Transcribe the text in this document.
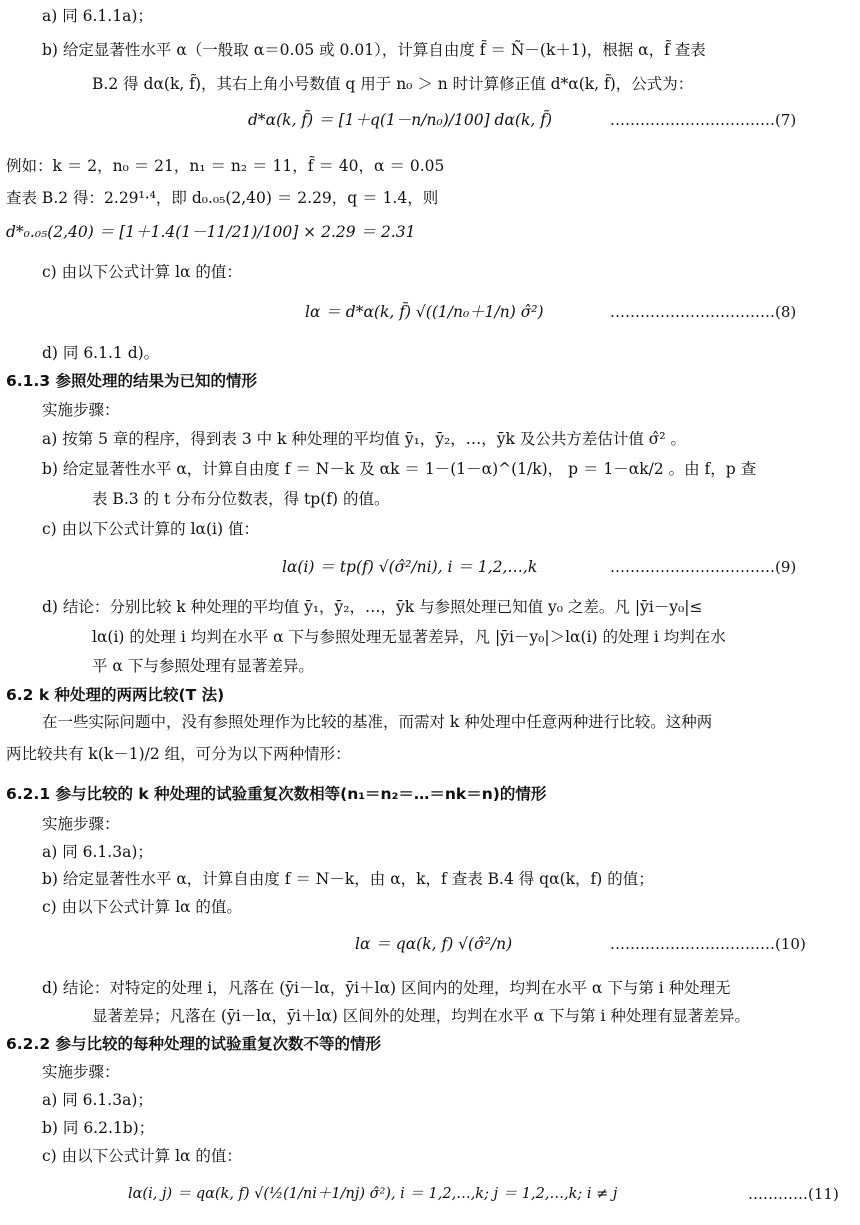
a) 同 6.1.1a)；
b) 给定显著性水平 α（一般取 α＝0.05 或 0.01），计算自由度 f̃ ＝ Ñ－(k＋1)，根据 α，f̃ 查表
B.2 得 dα(k, f̃)，其右上角小号数值 q 用于 n₀ ＞ n 时计算修正值 d*α(k, f̃)，公式为：
d*α(k, f̃) ＝ [1＋q(1－n/n₀)/100] dα(k, f̃)	……………………………(7)
例如：k ＝ 2，n₀ ＝ 21，n₁ ＝ n₂ ＝ 11，f̃ ＝ 40，α ＝ 0.05
查表 B.2 得：2.29¹·⁴，即 d₀.₀₅(2,40) ＝ 2.29，q ＝ 1.4，则
d*₀.₀₅(2,40) ＝ [1＋1.4(1－11/21)/100] × 2.29 ＝ 2.31
c) 由以下公式计算 lα 的值：
lα ＝ d*α(k, f̃) √((1/n₀＋1/n) σ̂²)	……………………………(8)
d) 同 6.1.1 d)。
6.1.3 参照处理的结果为已知的情形
实施步骤：
a) 按第 5 章的程序，得到表 3 中 k 种处理的平均值 ȳ₁，ȳ₂，…，ȳk 及公共方差估计值 σ̂² 。
b) 给定显著性水平 α，计算自由度 f ＝ N－k 及 αk ＝ 1－(1－α)^(1/k)， p ＝ 1－αk/2 。由 f，p 查
表 B.3 的 t 分布分位数表，得 tp(f) 的值。
c) 由以下公式计算的 lα(i) 值：
lα(i) ＝ tp(f) √(σ̂²/ni), i ＝ 1,2,…,k	……………………………(9)
d) 结论：分别比较 k 种处理的平均值 ȳ₁，ȳ₂，…，ȳk 与参照处理已知值 y₀ 之差。凡 |ȳi－y₀|≤
lα(i) 的处理 i 均判在水平 α 下与参照处理无显著差异，凡 |ȳi－y₀|＞lα(i) 的处理 i 均判在水
平 α 下与参照处理有显著差异。
6.2 k 种处理的两两比较(T 法)
在一些实际问题中，没有参照处理作为比较的基准，而需对 k 种处理中任意两种进行比较。这种两
两比较共有 k(k－1)/2 组，可分为以下两种情形：
6.2.1 参与比较的 k 种处理的试验重复次数相等(n₁＝n₂＝…＝nk＝n)的情形
实施步骤：
a) 同 6.1.3a)；
b) 给定显著性水平 α，计算自由度 f ＝ N－k，由 α，k，f 查表 B.4 得 qα(k，f) 的值；
c) 由以下公式计算 lα 的值。
lα ＝ qα(k, f) √(σ̂²/n)	……………………………(10)
d) 结论：对特定的处理 i，凡落在 (ȳi－lα，ȳi＋lα) 区间内的处理，均判在水平 α 下与第 i 种处理无
显著差异；凡落在 (ȳi－lα，ȳi＋lα) 区间外的处理，均判在水平 α 下与第 i 种处理有显著差异。
6.2.2 参与比较的每种处理的试验重复次数不等的情形
实施步骤：
a) 同 6.1.3a)；
b) 同 6.2.1b)；
c) 由以下公式计算 lα 的值：
lα(i, j) ＝ qα(k, f) √(½(1/ni＋1/nj) σ̂²), i ＝ 1,2,…,k; j ＝ 1,2,…,k; i ≠ j	…………(11)
